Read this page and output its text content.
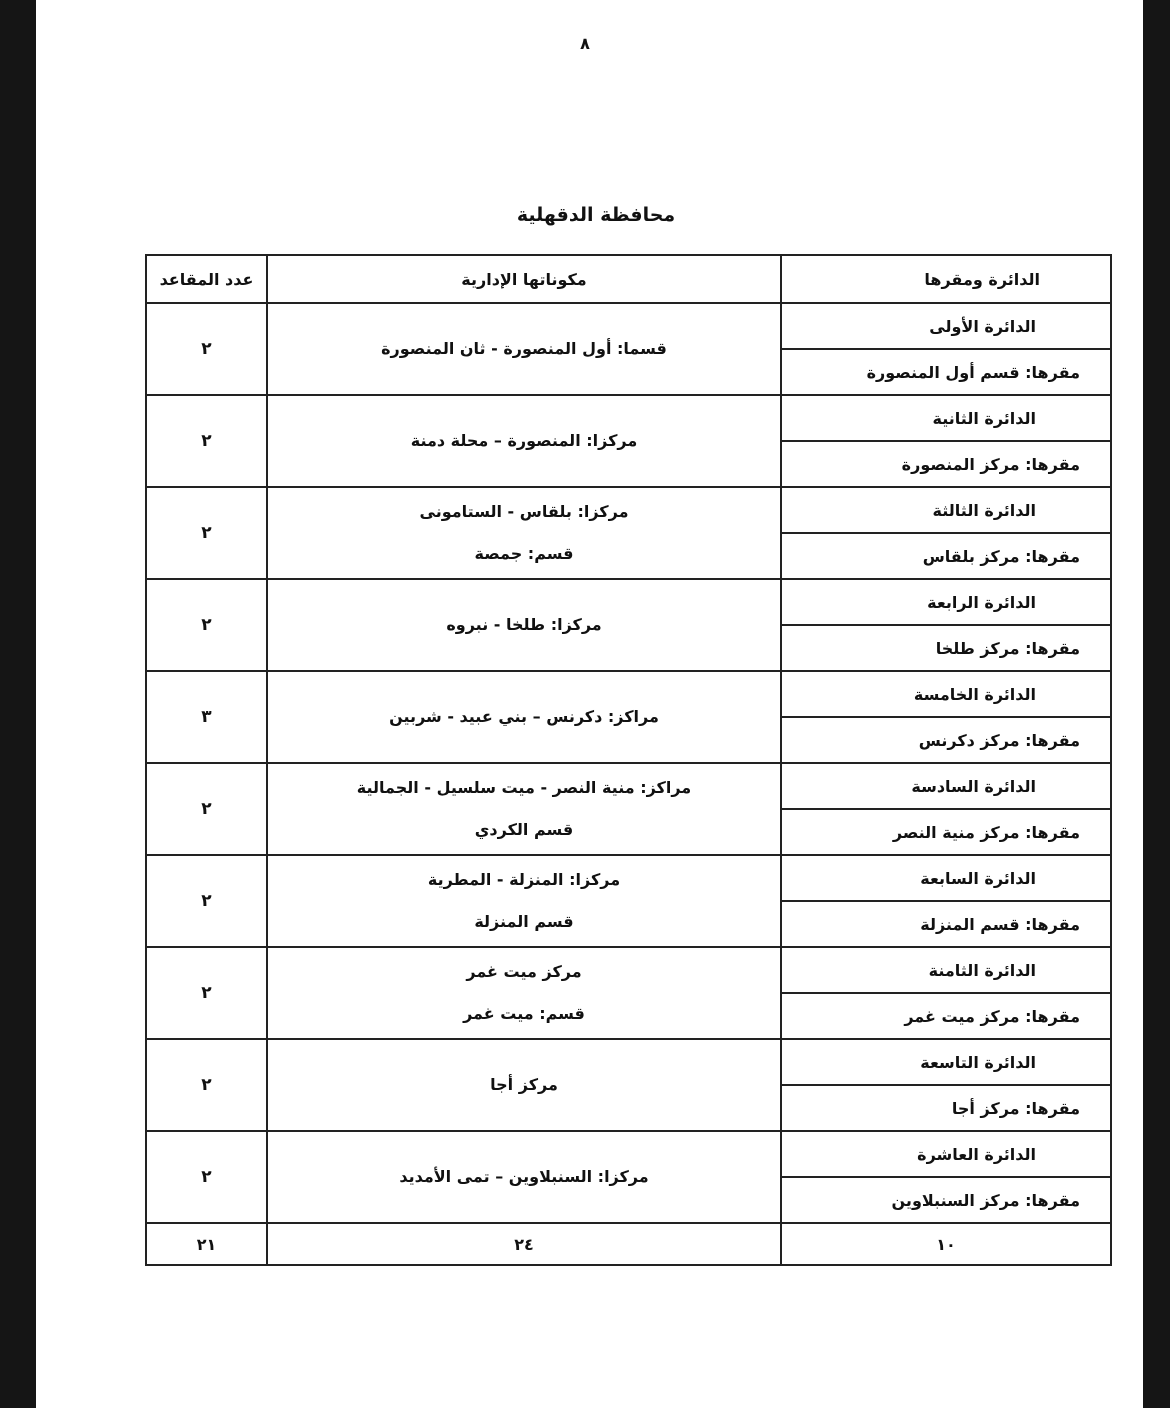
٨
محافظة الدقهلية
الدائرة ومقرها	مكوناتها الإدارية	عدد المقاعد
الدائرة الأولى	قسما: أول المنصورة - ثان المنصورة	٢
مقرها: قسم أول المنصورة		
الدائرة الثانية	مركزا: المنصورة – محلة دمنة	٢
مقرها: مركز المنصورة		
الدائرة الثالثة	مركزا: بلقاس - الستامونى
قسم: جمصة	٢
مقرها: مركز بلقاس		
الدائرة الرابعة	مركزا: طلخا - نبروه	٢
مقرها: مركز طلخا		
الدائرة الخامسة	مراكز: دكرنس – بني عبيد - شربين	٣
مقرها: مركز دكرنس		
الدائرة السادسة	مراكز: منية النصر - ميت سلسيل - الجمالية
قسم الكردي	٢
مقرها: مركز منية النصر		
الدائرة السابعة	مركزا: المنزلة - المطرية
قسم المنزلة	٢
مقرها: قسم المنزلة		
الدائرة الثامنة	مركز ميت غمر
قسم: ميت غمر	٢
مقرها: مركز ميت غمر		
الدائرة التاسعة	مركز أجا	٢
مقرها: مركز أجا		
الدائرة العاشرة	مركزا: السنبلاوين – تمى الأمديد	٢
مقرها: مركز السنبلاوين		
١٠	٢٤	٢١
